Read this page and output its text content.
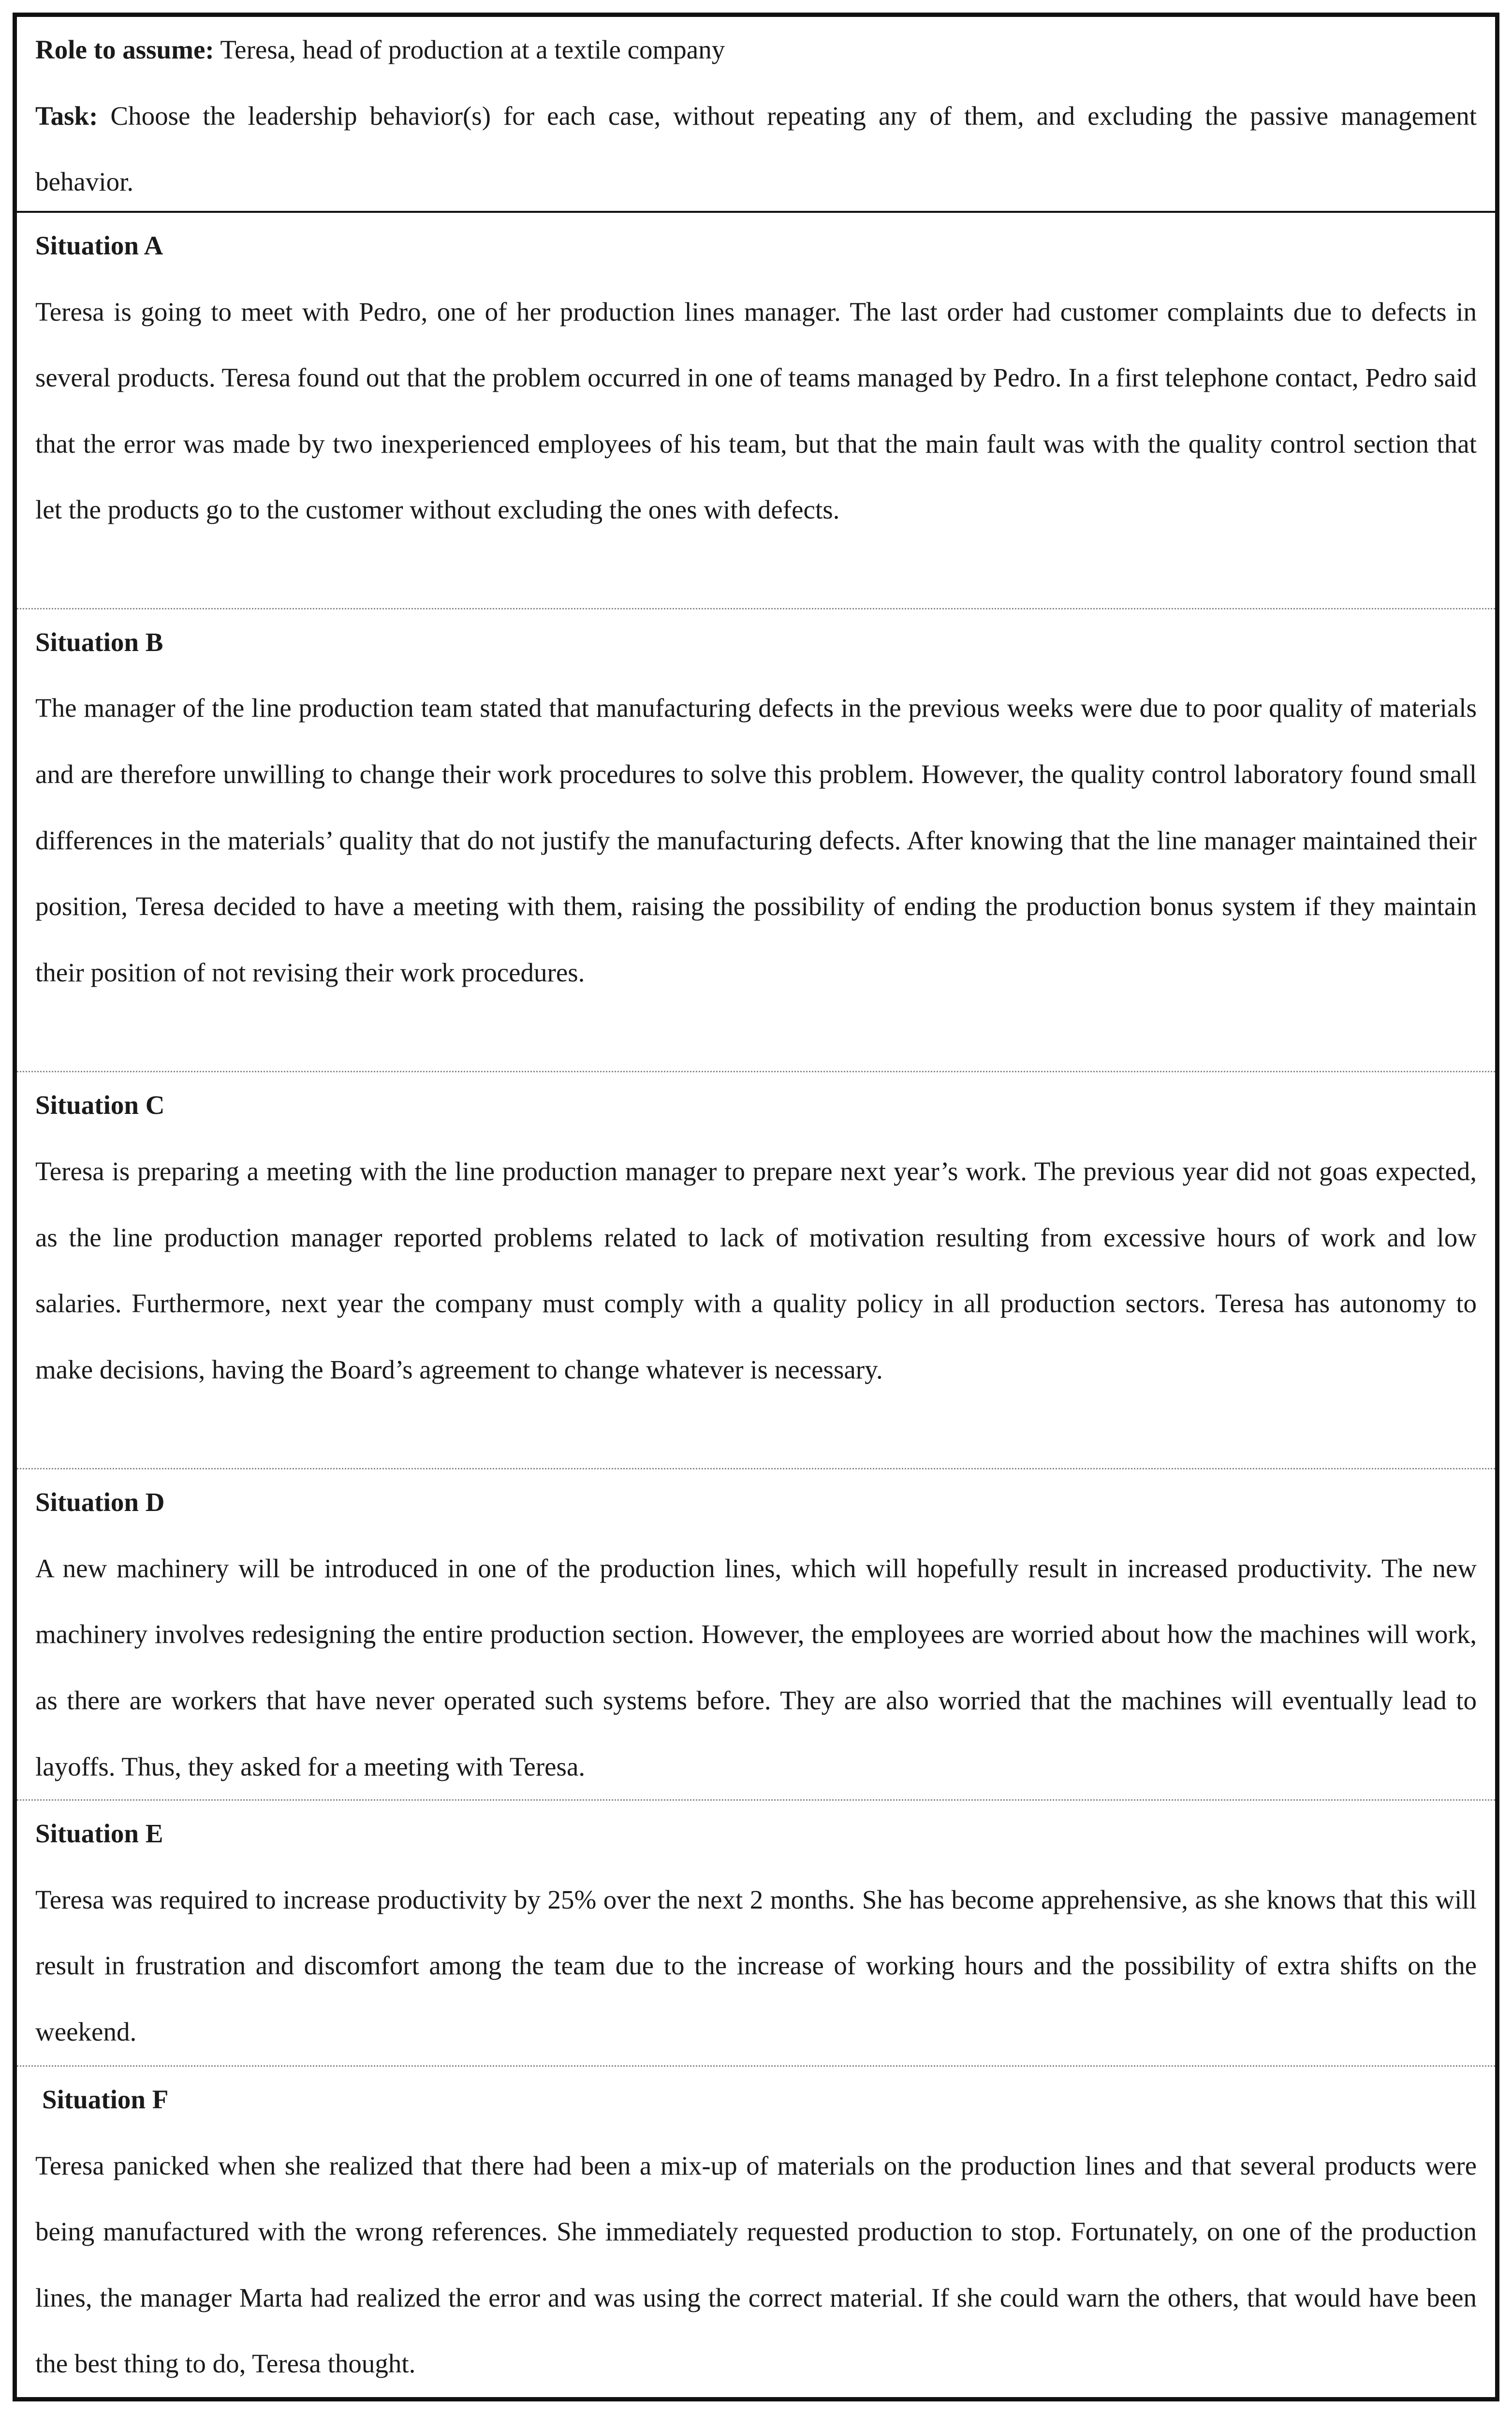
Role to assume: Teresa, head of production at a textile company

Task: Choose the leadership behavior(s) for each case, without repeating any of them, and excluding the passive management behavior.

Situation A

Teresa is going to meet with Pedro, one of her production lines manager. The last order had customer complaints due to defects in several products. Teresa found out that the problem occurred in one of teams managed by Pedro. In a first telephone contact, Pedro said that the error was made by two inexperienced employees of his team, but that the main fault was with the quality control section that let the products go to the customer without excluding the ones with defects.

Situation B

The manager of the line production team stated that manufacturing defects in the previous weeks were due to poor quality of materials and are therefore unwilling to change their work procedures to solve this problem. However, the quality control laboratory found small differences in the materials’ quality that do not justify the manufacturing defects. After knowing that the line manager maintained their position, Teresa decided to have a meeting with them, raising the possibility of ending the production bonus system if they maintain their position of not revising their work procedures.

Situation C

Teresa is preparing a meeting with the line production manager to prepare next year’s work. The previous year did not goas expected, as the line production manager reported problems related to lack of motivation resulting from excessive hours of work and low salaries. Furthermore, next year the company must comply with a quality policy in all production sectors. Teresa has autonomy to make decisions, having the Board’s agreement to change whatever is necessary.

Situation D

A new machinery will be introduced in one of the production lines, which will hopefully result in increased productivity. The new machinery involves redesigning the entire production section. However, the employees are worried about how the machines will work, as there are workers that have never operated such systems before. They are also worried that the machines will eventually lead to layoffs. Thus, they asked for a meeting with Teresa.

Situation E

Teresa was required to increase productivity by 25% over the next 2 months. She has become apprehensive, as she knows that this will result in frustration and discomfort among the team due to the increase of working hours and the possibility of extra shifts on the weekend.

Situation F

Teresa panicked when she realized that there had been a mix-up of materials on the production lines and that several products were being manufactured with the wrong references. She immediately requested production to stop. Fortunately, on one of the production lines, the manager Marta had realized the error and was using the correct material. If she could warn the others, that would have been the best thing to do, Teresa thought.
